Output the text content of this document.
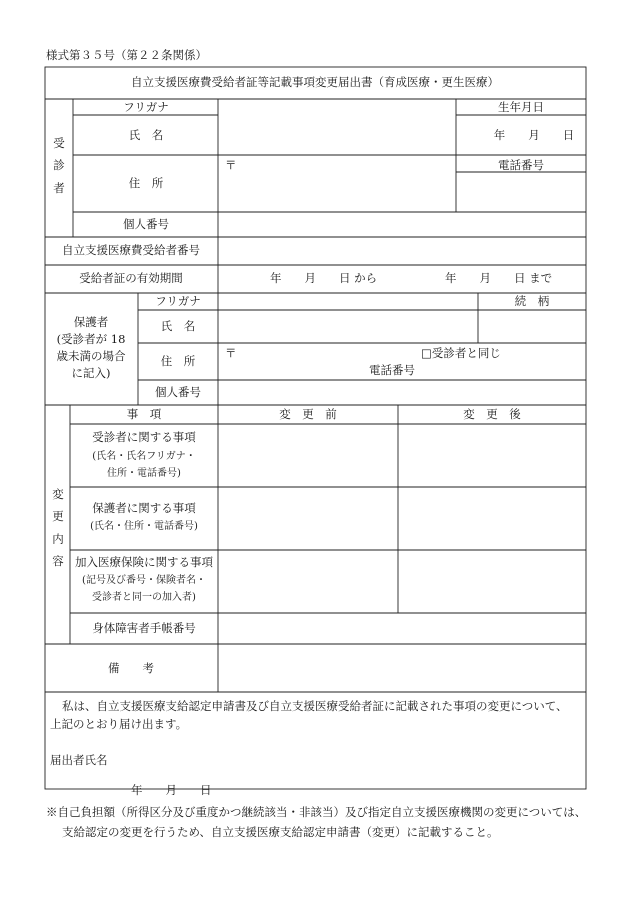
様式第３５号（第２２条関係）
自立支援医療費受給者証等記載事項変更届出書（育成医療・更生医療）
受
診
者
フリガナ	生年月日
氏　名	年　　月　　日
〒	電話番号
住　所
個人番号
自立支援医療費受給者番号
受給者証の有効期間	年　　月　　日 から	年　　月　　日 まで
保護者
(受診者が 18
歳未満の場合
に記入)
フリガナ	続　柄
氏　名
〒	□受診者と同じ
住　所
電話番号
個人番号
変
更
内
容
事　項	変　更　前	変　更　後
受診者に関する事項
(氏名・氏名フリガナ・
住所・電話番号)
保護者に関する事項
(氏名・住所・電話番号)
加入医療保険に関する事項
(記号及び番号・保険者名・
受診者と同一の加入者)
身体障害者手帳番号
備　　考
私は、自立支援医療支給認定申請書及び自立支援医療受給者証に記載された事項の変更について、
上記のとおり届け出ます。
届出者氏名
年　　月　　日
※自己負担額（所得区分及び重度かつ継続該当・非該当）及び指定自立支援医療機関の変更については、
支給認定の変更を行うため、自立支援医療支給認定申請書（変更）に記載すること。
